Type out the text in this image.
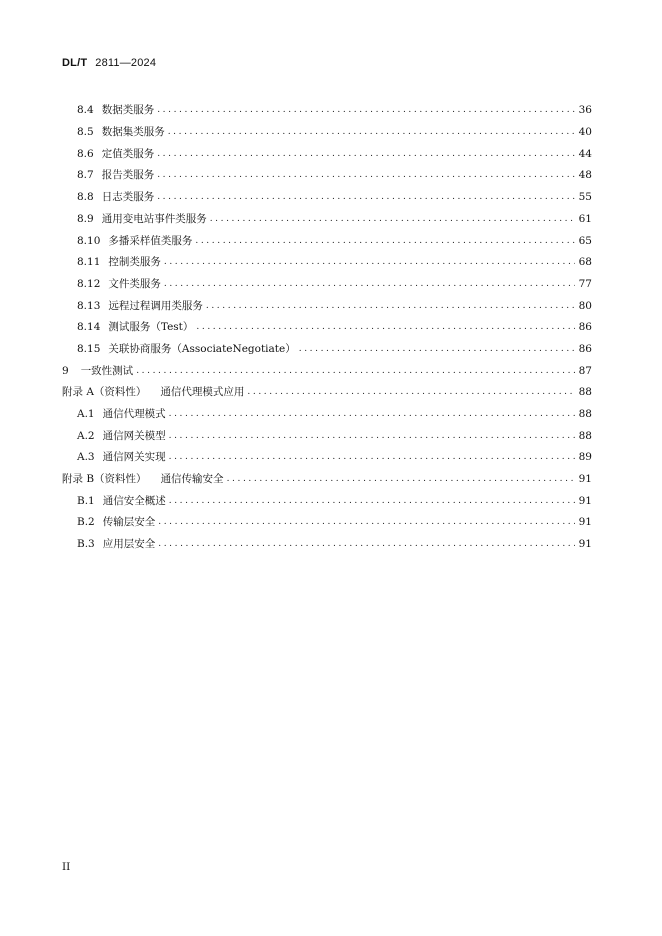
DL/T 2811—2024
8.4 数据类服务 .....	36
8.5 数据集类服务 .....	40
8.6 定值类服务 .....	44
8.7 报告类服务 .....	48
8.8 日志类服务 .....	55
8.9 通用变电站事件类服务 .....	61
8.10 多播采样值类服务 .....	65
8.11 控制类服务 .....	68
8.12 文件类服务 .....	77
8.13 远程过程调用类服务 .....	80
8.14 测试服务（Test） .....	86
8.15 关联协商服务（AssociateNegotiate） .....	86
9 一致性测试 .....	87
附录 A（资料性） 通信代理模式应用 .....	88
A.1 通信代理模式 .....	88
A.2 通信网关模型 .....	88
A.3 通信网关实现 .....	89
附录 B（资料性） 通信传输安全 .....	91
B.1 通信安全概述 .....	91
B.2 传输层安全 .....	91
B.3 应用层安全 .....	91
II
